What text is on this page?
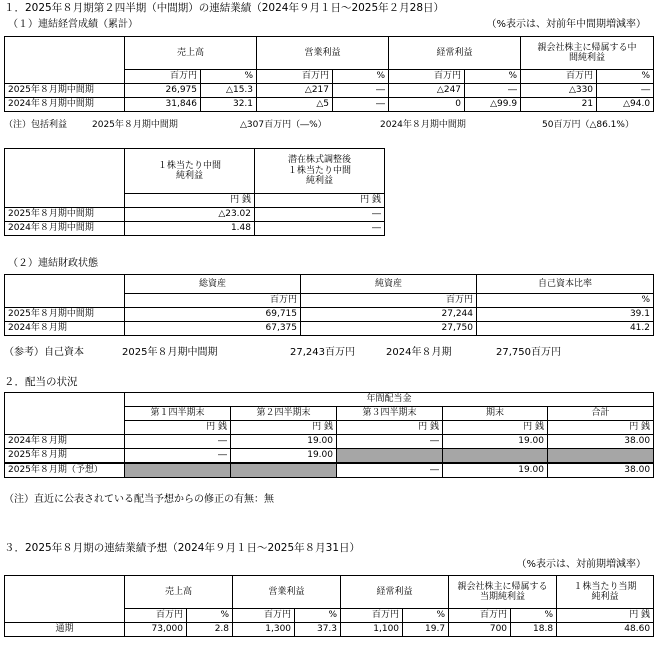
１．2025年８月期第２四半期（中間期）の連結業績（2024年９月１日～2025年２月28日）
（１）連結経営成績（累計）	（%表示は、対前年中間期増減率）
	売上高		営業利益		経常利益		親会社株主に帰属する中間純利益	
	百万円	%	百万円	%	百万円	%	百万円	%
2025年８月期中間期	26,975	△15.3	△217	―	△247	―	△330	―
2024年８月期中間期	31,846	32.1	△5	―	0	△99.9	21	△94.0
（注）包括利益	2025年８月期中間期	△307百万円（―%）	2024年８月期中間期	50百万円（△86.1%）
	１株当たり中間純利益	潜在株式調整後１株当たり中間純利益
	円 銭	円 銭
2025年８月期中間期	△23.02	―
2024年８月期中間期	1.48	―
（２）連結財政状態
	総資産	純資産	自己資本比率
	百万円	百万円	%
2025年８月期中間期	69,715	27,244	39.1
2024年８月期	67,375	27,750	41.2
（参考）自己資本	2025年８月期中間期	27,243百万円	2024年８月期	27,750百万円
２．配当の状況
	年間配当金				
	第１四半期末	第２四半期末	第３四半期末	期末	合計
	円 銭	円 銭	円 銭	円 銭	円 銭
2024年８月期	―	19.00	―	19.00	38.00
2025年８月期	―	19.00			
2025年８月期（予想）			―	19.00	38.00
（注）直近に公表されている配当予想からの修正の有無：無
３．2025年８月期の連結業績予想（2024年９月１日～2025年８月31日）
（%表示は、対前期増減率）
	売上高		営業利益		経常利益		親会社株主に帰属する当期純利益		１株当たり当期純利益
	百万円	%	百万円	%	百万円	%	百万円	%	円 銭
通期	73,000	2.8	1,300	37.3	1,100	19.7	700	18.8	48.60
